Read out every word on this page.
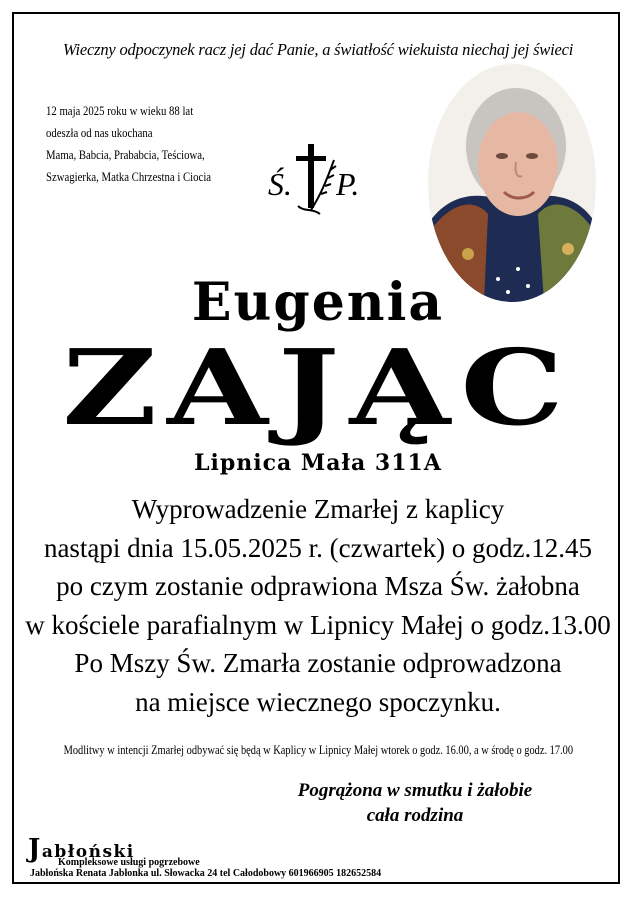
Wieczny odpoczynek racz jej dać Panie, a światłość wiekuista niechaj jej świeci
12 maja 2025 roku w wieku 88 lat
odeszła od nas ukochana
Mama, Babcia, Prababcia, Teściowa,
Szwagierka, Matka Chrzestna i Ciocia Ś. P.
Eugenia
ZAJĄC
Lipnica Mała 311A
Wyprowadzenie Zmarłej z kaplicy
nastąpi dnia 15.05.2025 r. (czwartek) o godz.12.45
po czym zostanie odprawiona Msza Św. żałobna
w kościele parafialnym w Lipnicy Małej o godz.13.00
Po Mszy Św. Zmarła zostanie odprowadzona
na miejsce wiecznego spoczynku.
Modlitwy w intencji Zmarłej odbywać się będą w Kaplicy w Lipnicy Małej wtorek o godz. 16.00, a w środę o godz. 17.00
Pogrążona w smutku i żałobie
cała rodzina
Jabłoński
Kompleksowe usługi pogrzebowe
Jabłońska Renata Jabłonka ul. Słowacka 24 tel Całodobowy 601966905 182652584
